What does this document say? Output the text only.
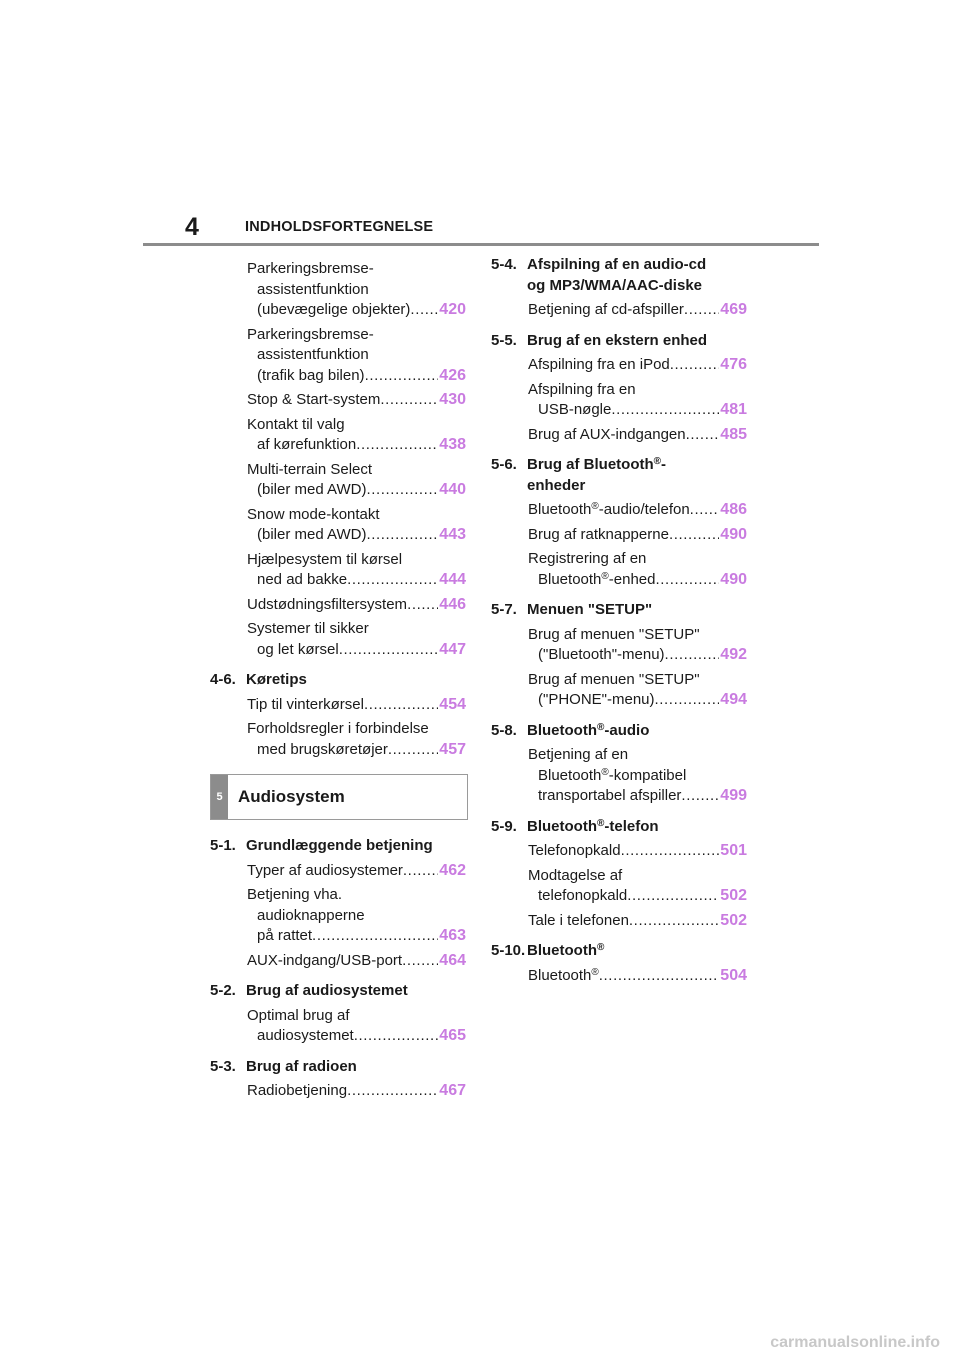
4	INDHOLDSFORTEGNELSE
Parkeringsbremse-
assistentfunktion
(ubevægelige objekter) ..... 420
Parkeringsbremse-
assistentfunktion
(trafik bag bilen) .....	426
Stop & Start-system .....	430
Kontakt til valg
af kørefunktion .....	438
Multi-terrain Select
(biler med AWD) .....	440
Snow mode-kontakt
(biler med AWD) .....	443
Hjælpesystem til kørsel
ned ad bakke .....	444
Udstødningsfiltersystem ..... 446
Systemer til sikker
og let kørsel .....	447
4-6. Køretips
Tip til vinterkørsel .....	454
Forholdsregler i forbindelse
med brugskøretøjer .....	457
5 Audiosystem
5-1. Grundlæggende betjening
Typer af audiosystemer ..... 462
Betjening vha.
audioknapperne
på rattet .....	463
AUX-indgang/USB-port ..... 464
5-2. Brug af audiosystemet
Optimal brug af
audiosystemet .....	465
5-3. Brug af radioen
Radiobetjening .....	467
5-4. Afspilning af en audio-cd
og MP3/WMA/AAC-diske
Betjening af cd-afspiller ..... 469
5-5. Brug af en ekstern enhed
Afspilning fra en iPod .....	476
Afspilning fra en
USB-nøgle .....	481
Brug af AUX-indgangen ..... 485
5-6. Brug af Bluetooth®-
enheder
Bluetooth®-audio/telefon ..... 486
Brug af ratknapperne .....	490
Registrering af en
Bluetooth®-enhed .....	490
5-7. Menuen "SETUP"
Brug af menuen "SETUP"
("Bluetooth"-menu) .....	492
Brug af menuen "SETUP"
("PHONE"-menu) .....	494
5-8. Bluetooth®-audio
Betjening af en
Bluetooth®-kompatibel
transportabel afspiller ..... 499
5-9. Bluetooth®-telefon
Telefonopkald .....	501
Modtagelse af
telefonopkald .....	502
Tale i telefonen .....	502
5-10. Bluetooth®
Bluetooth® .....	504
carmanualsonline.info
